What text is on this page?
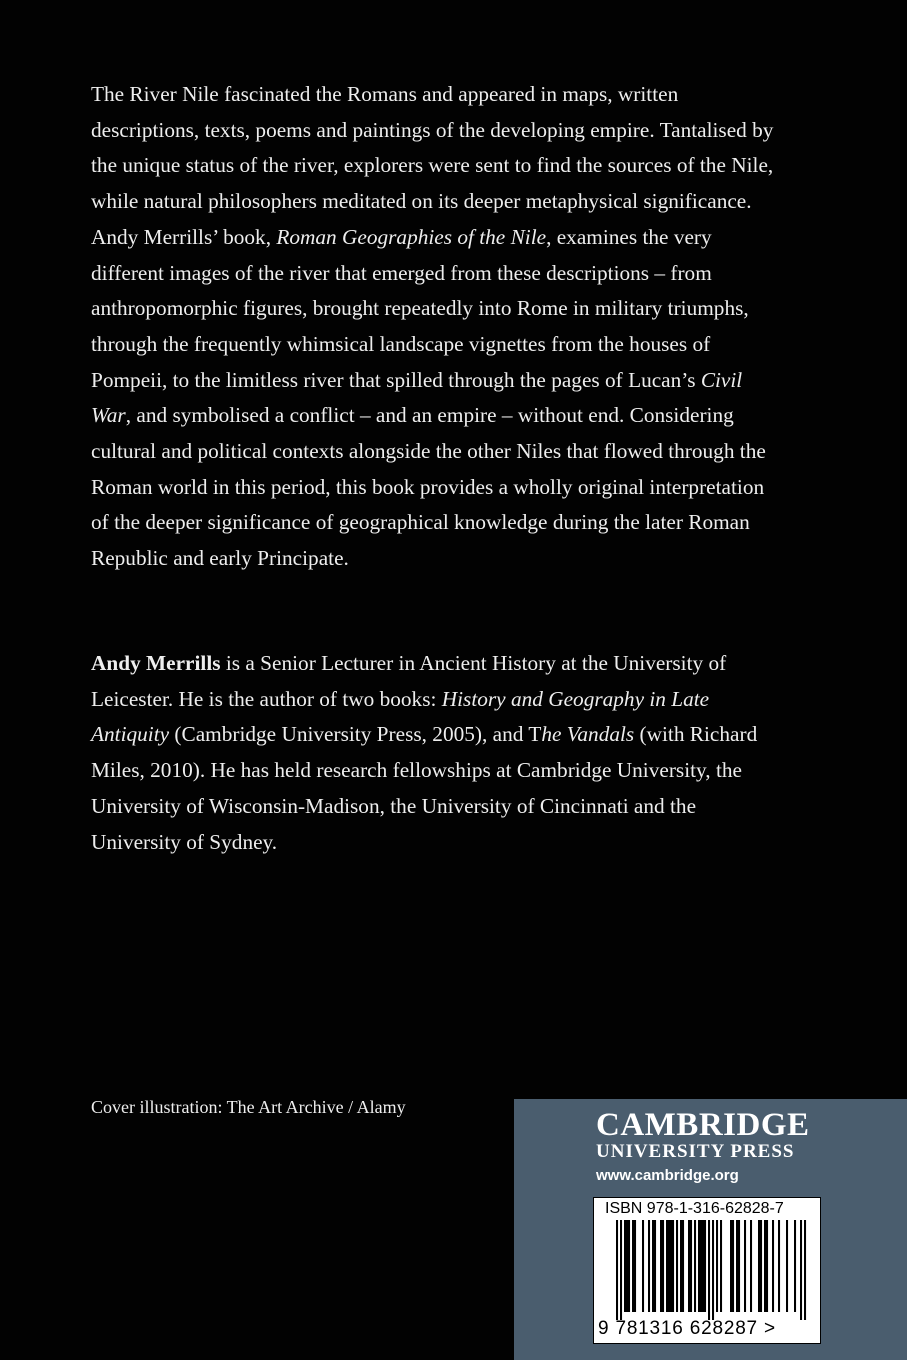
The River Nile fascinated the Romans and appeared in maps, written descriptions, texts, poems and paintings of the developing empire. Tantalised by the unique status of the river, explorers were sent to find the sources of the Nile, while natural philosophers meditated on its deeper metaphysical significance. Andy Merrills’ book, Roman Geographies of the Nile, examines the very different images of the river that emerged from these descriptions – from anthropomorphic figures, brought repeatedly into Rome in military triumphs, through the frequently whimsical landscape vignettes from the houses of Pompeii, to the limitless river that spilled through the pages of Lucan’s Civil War, and symbolised a conflict – and an empire – without end. Considering cultural and political contexts alongside the other Niles that flowed through the Roman world in this period, this book provides a wholly original interpretation of the deeper significance of geographical knowledge during the later Roman Republic and early Principate.

Andy Merrills is a Senior Lecturer in Ancient History at the University of Leicester. He is the author of two books: History and Geography in Late Antiquity (Cambridge University Press, 2005), and The Vandals (with Richard Miles, 2010). He has held research fellowships at Cambridge University, the University of Wisconsin-Madison, the University of Cincinnati and the University of Sydney.

Cover illustration: The Art Archive / Alamy	CAMBRIDGE
UNIVERSITY PRESS
www.cambridge.org
ISBN 978-1-316-62828-7
9 781316 628287 >
